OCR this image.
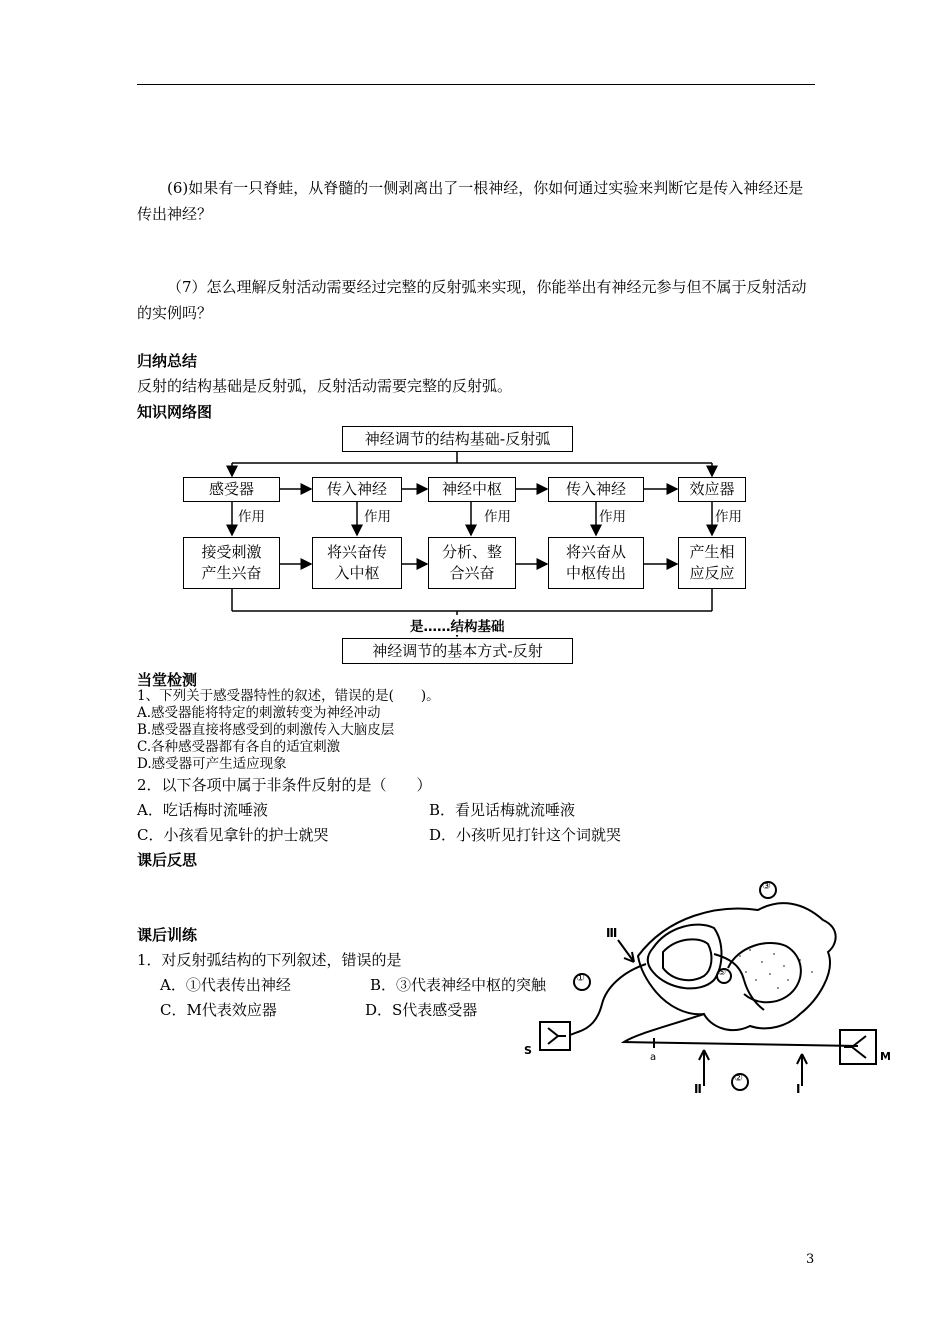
(6)如果有一只脊蛙，从脊髓的一侧剥离出了一根神经，你如何通过实验来判断它是传入神经还是传出神经？
（7）怎么理解反射活动需要经过完整的反射弧来实现，你能举出有神经元参与但不属于反射活动的实例吗？
归纳总结
反射的结构基础是反射弧，反射活动需要完整的反射弧。
知识网络图
神经调节的结构基础-反射弧
感受器	传入神经	神经中枢	传入神经	效应器
作用	作用	作用	作用	作用
接受刺激
产生兴奋
将兴奋传
入中枢
分析、整
合兴奋
将兴奋从
中枢传出
产生相
应反应
是……结构基础
神经调节的基本方式-反射
当堂检测
1、下列关于感受器特性的叙述，错误的是(　　)。
A.感受器能将特定的刺激转变为神经冲动
B.感受器直接将感受到的刺激传入大脑皮层
C.各种感受器都有各自的适宜刺激
D.感受器可产生适应现象
2．以下各项中属于非条件反射的是（　　）
A．吃话梅时流唾液	B．看见话梅就流唾液
C．小孩看见拿针的护士就哭	D．小孩听见打针这个词就哭
课后反思
课后训练
1．对反射弧结构的下列叙述，错误的是
A．①代表传出神经	B．③代表神经中枢的突触
C．M代表效应器	D．S代表感受器
③
Ⅲ
①	⑤
S
a
Ⅱ
②
Ⅰ
M
3
